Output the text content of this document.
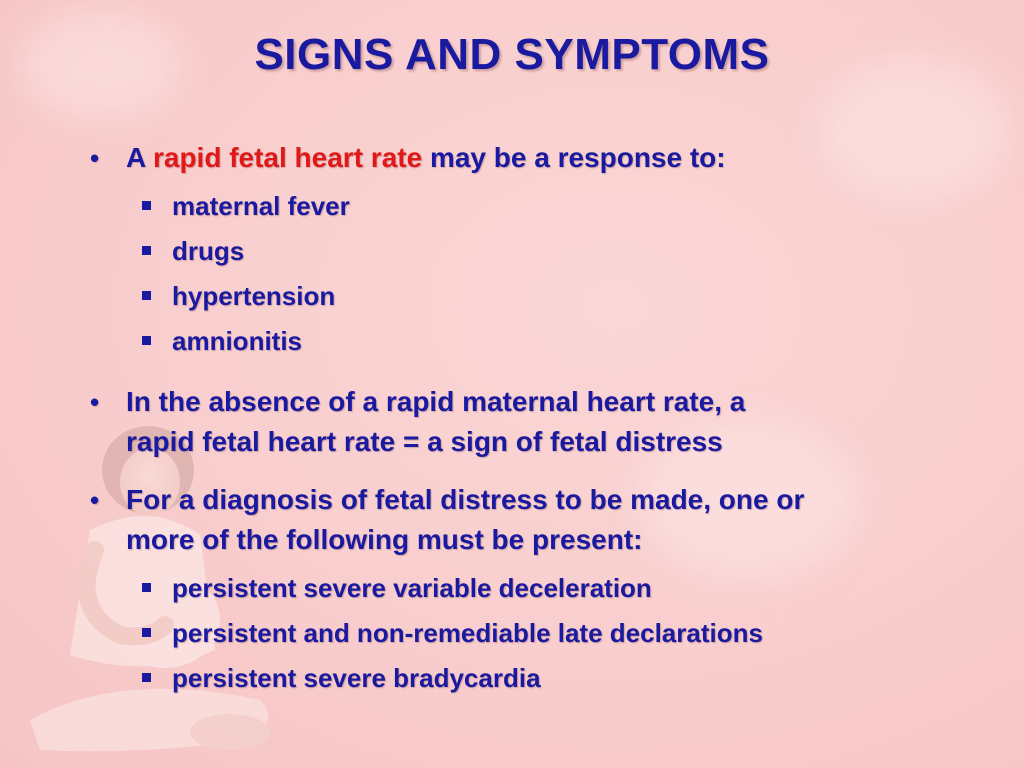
SIGNS AND SYMPTOMS
• A rapid fetal heart rate may be a response to:
maternal fever
drugs
hypertension
amnionitis
• In the absence of a rapid maternal heart rate, a
rapid fetal heart rate = a sign of fetal distress
• For a diagnosis of fetal distress to be made, one or
more of the following must be present:
persistent severe variable deceleration
persistent and non-remediable late declarations
persistent severe bradycardia
